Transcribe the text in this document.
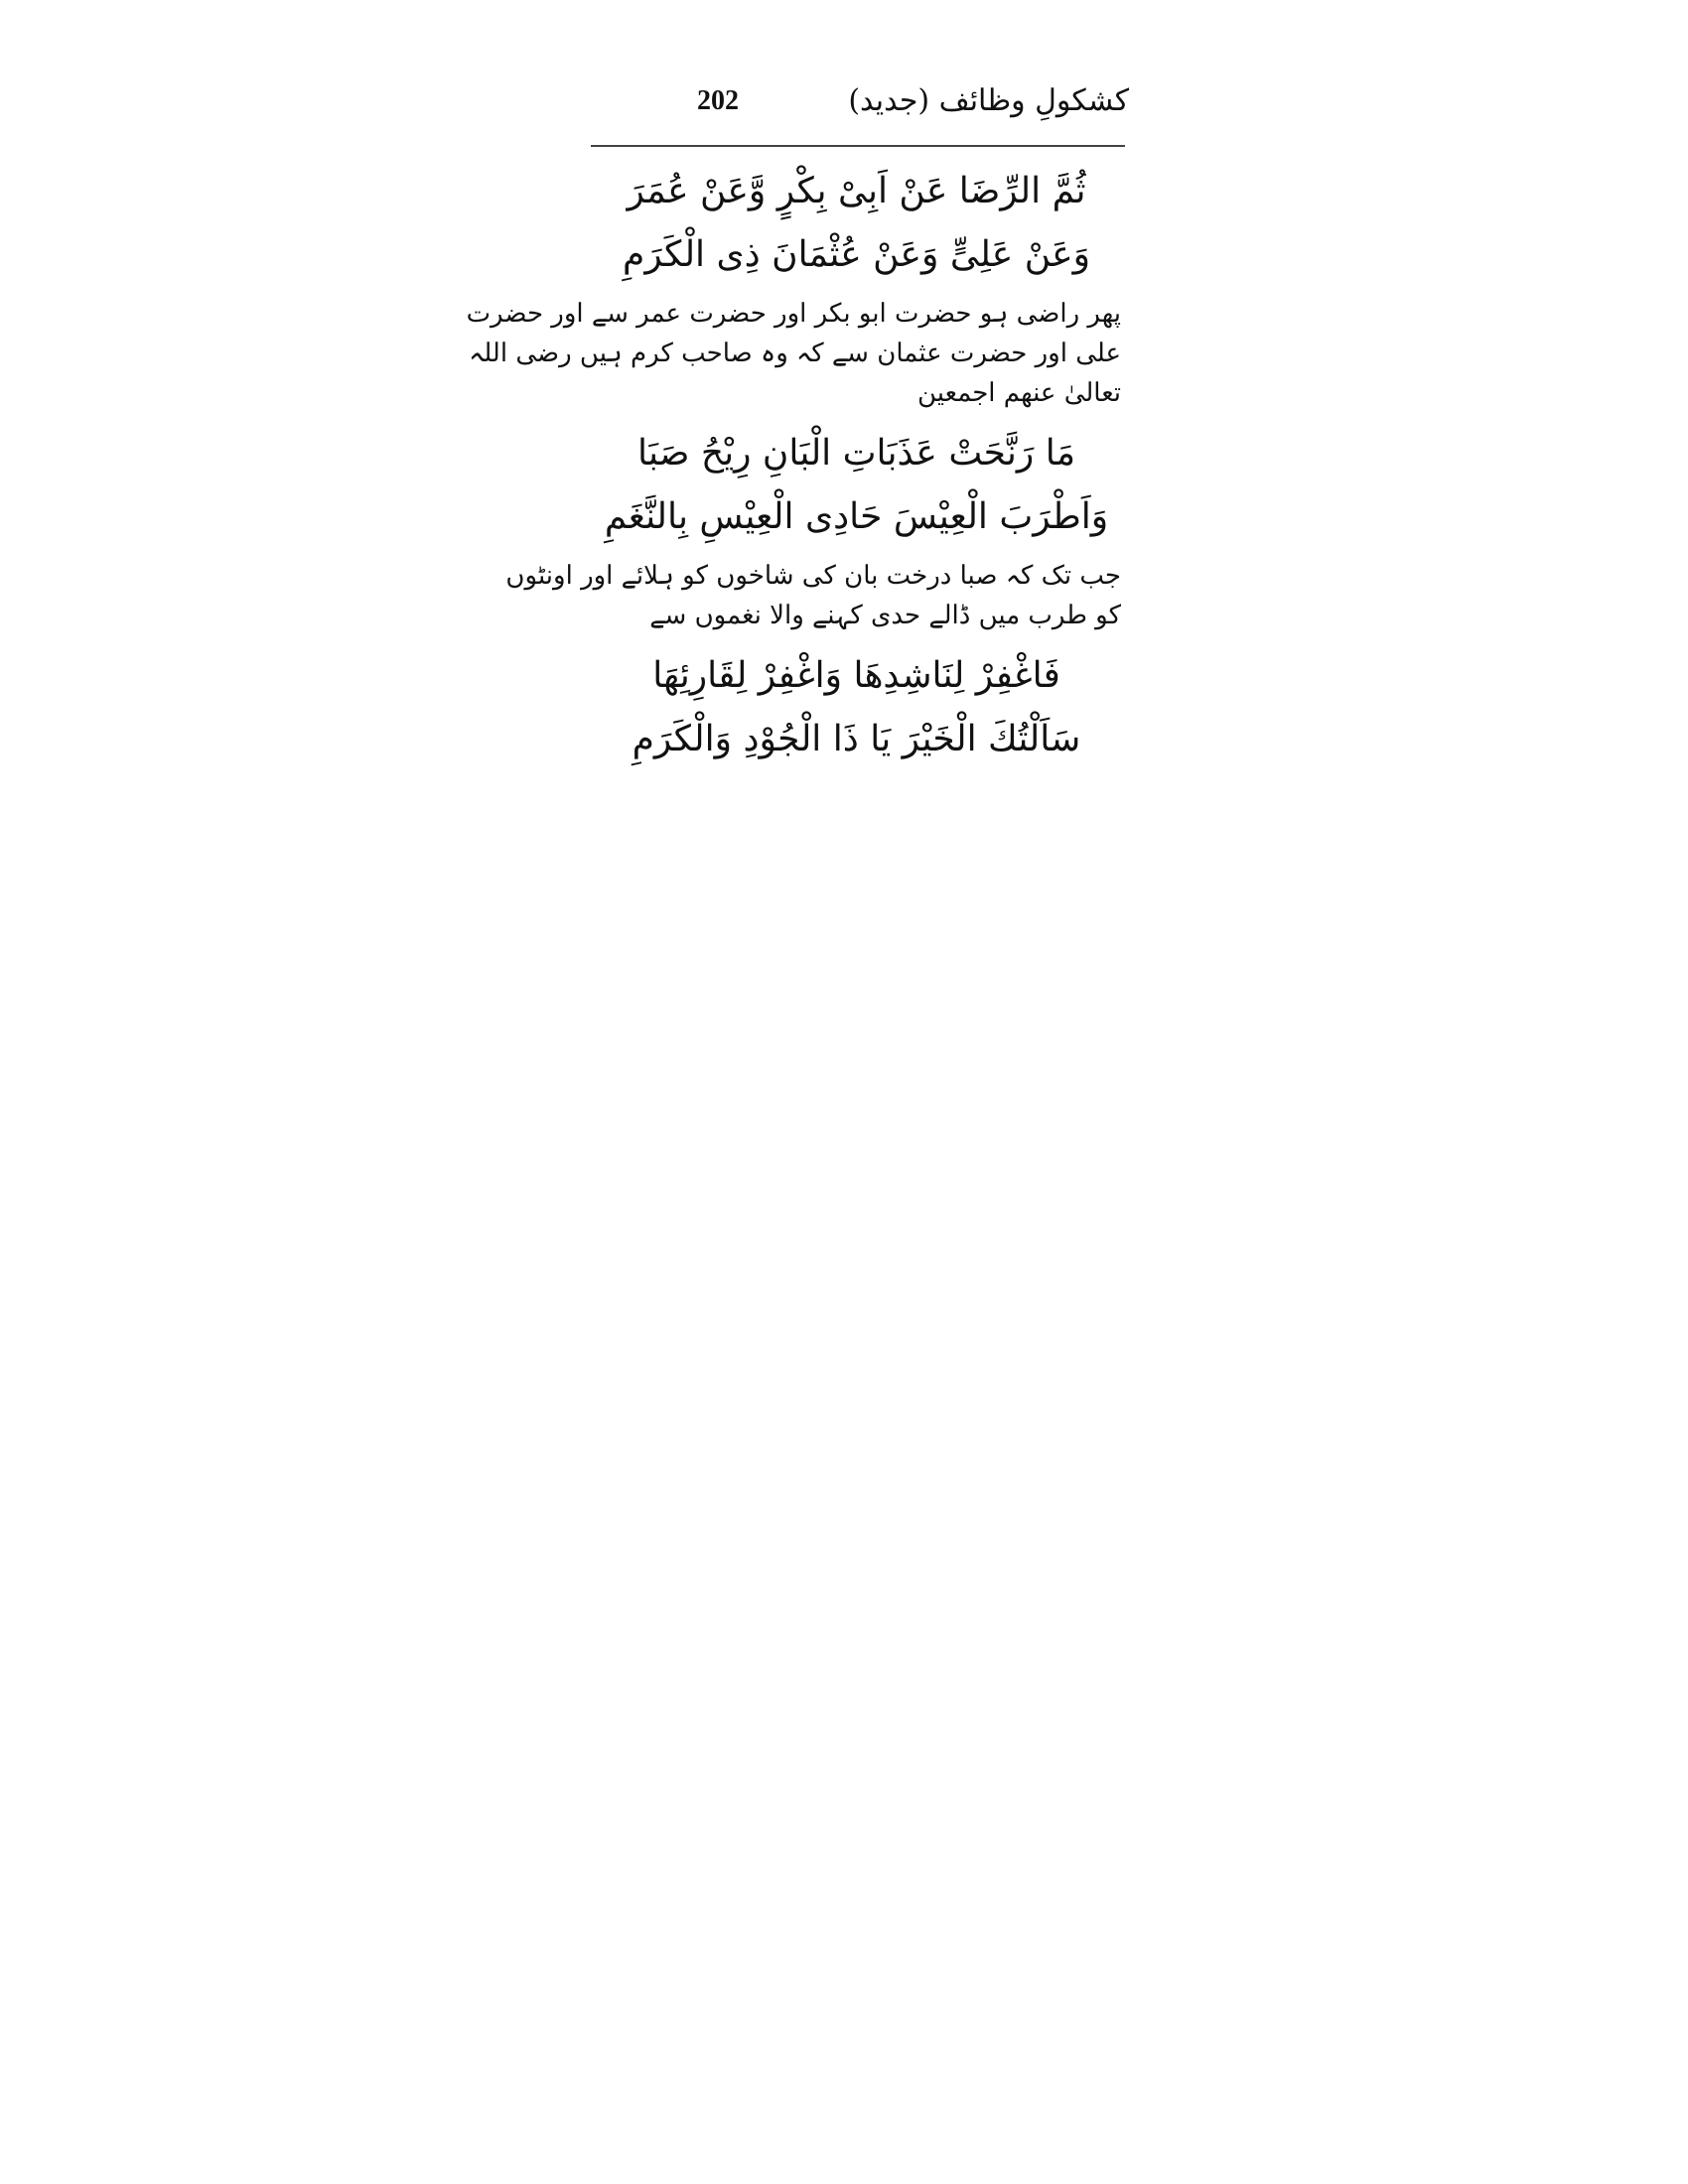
202	کشکولِ وظائف (جدید)
ثُمَّ الرِّضَا عَنْ اَبِیْ بِکْرٍ وَّعَنْ عُمَرَ
وَعَنْ عَلِیٍّ وَعَنْ عُثْمَانَ ذِی الْکَرَمِ
پھر راضی ہو حضرت ابو بکر اور حضرت عمر سے اور حضرت
علی اور حضرت عثمان سے کہ وہ صاحب کرم ہیں رضی اللہ
تعالیٰ عنھم اجمعین
مَا رَنَّحَتْ عَذَبَاتِ الْبَانِ رِیْحُ صَبَا
وَاَطْرَبَ الْعِیْسَ حَادِی الْعِیْسِ بِالنَّغَمِ
جب تک کہ صبا درخت بان کی شاخوں کو ہلائے اور اونٹوں
کو طرب میں ڈالے حدی کہنے والا نغموں سے
فَاغْفِرْ لِنَاشِدِھَا وَاغْفِرْ لِقَارِئِھَا
سَاَلْتُكَ الْخَیْرَ یَا ذَا الْجُوْدِ وَالْکَرَمِ
